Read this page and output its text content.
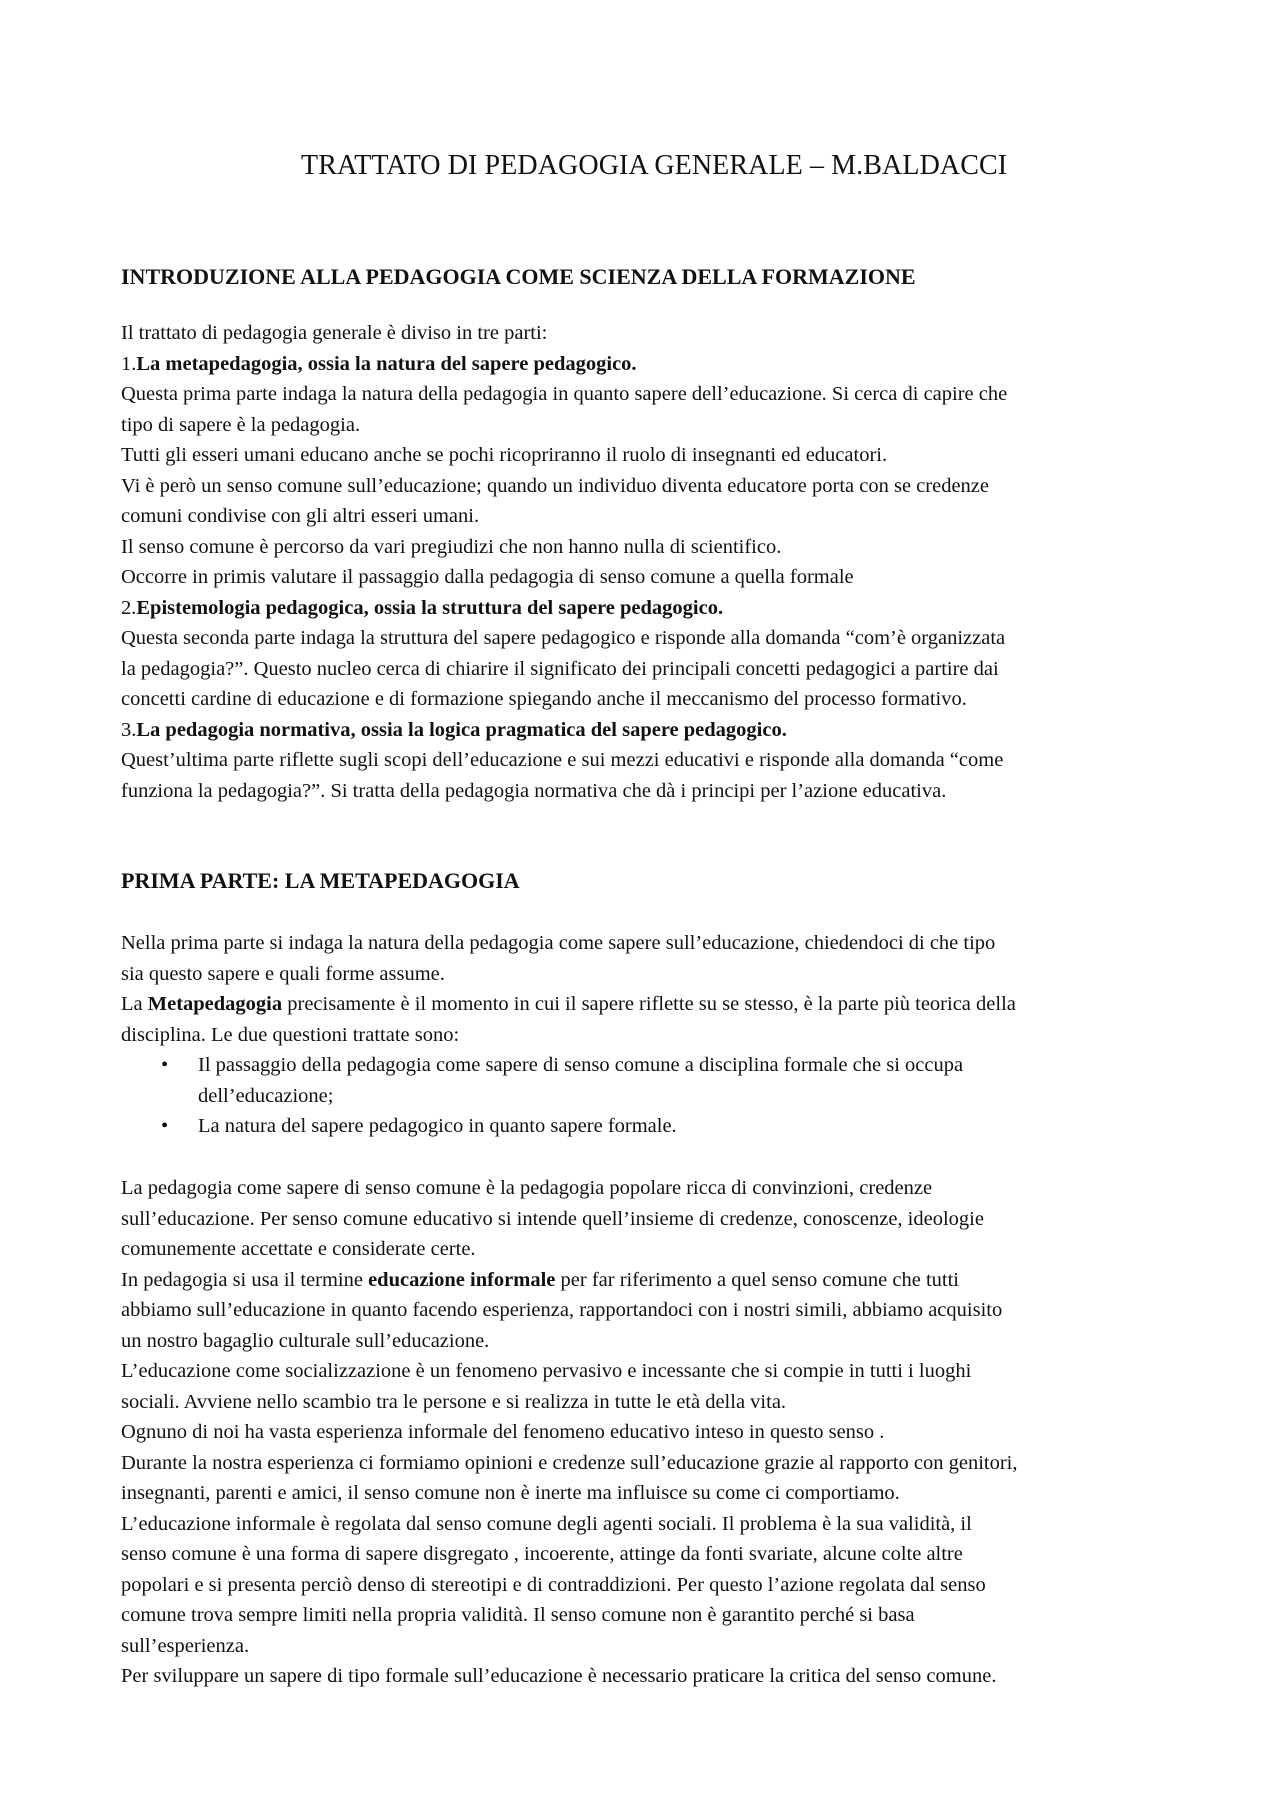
TRATTATO DI PEDAGOGIA GENERALE – M.BALDACCI
INTRODUZIONE ALLA PEDAGOGIA COME SCIENZA DELLA FORMAZIONE
Il trattato di pedagogia generale è diviso in tre parti:
1.La metapedagogia, ossia la natura del sapere pedagogico.
Questa prima parte indaga la natura della pedagogia in quanto sapere dell’educazione. Si cerca di capire che
tipo di sapere è la pedagogia.
Tutti gli esseri umani educano anche se pochi ricopriranno il ruolo di insegnanti ed educatori.
Vi è però un senso comune sull’educazione; quando un individuo diventa educatore porta con se credenze
comuni condivise con gli altri esseri umani.
Il senso comune è percorso da vari pregiudizi che non hanno nulla di scientifico.
Occorre in primis valutare il passaggio dalla pedagogia di senso comune a quella formale
2.Epistemologia pedagogica, ossia la struttura del sapere pedagogico.
Questa seconda parte indaga la struttura del sapere pedagogico e risponde alla domanda “com’è organizzata
la pedagogia?”. Questo nucleo cerca di chiarire il significato dei principali concetti pedagogici a partire dai
concetti cardine di educazione e di formazione spiegando anche il meccanismo del processo formativo.
3.La pedagogia normativa, ossia la logica pragmatica del sapere pedagogico.
Quest’ultima parte riflette sugli scopi dell’educazione e sui mezzi educativi e risponde alla domanda “come
funziona la pedagogia?”. Si tratta della pedagogia normativa che dà i principi per l’azione educativa.
PRIMA PARTE: LA METAPEDAGOGIA
Nella prima parte si indaga la natura della pedagogia come sapere sull’educazione, chiedendoci di che tipo
sia questo sapere e quali forme assume.
La Metapedagogia precisamente è il momento in cui il sapere riflette su se stesso, è la parte più teorica della
disciplina. Le due questioni trattate sono:
• Il passaggio della pedagogia come sapere di senso comune a disciplina formale che si occupa
dell’educazione;
• La natura del sapere pedagogico in quanto sapere formale.
La pedagogia come sapere di senso comune è la pedagogia popolare ricca di convinzioni, credenze
sull’educazione. Per senso comune educativo si intende quell’insieme di credenze, conoscenze, ideologie
comunemente accettate e considerate certe.
In pedagogia si usa il termine educazione informale per far riferimento a quel senso comune che tutti
abbiamo sull’educazione in quanto facendo esperienza, rapportandoci con i nostri simili, abbiamo acquisito
un nostro bagaglio culturale sull’educazione.
L’educazione come socializzazione è un fenomeno pervasivo e incessante che si compie in tutti i luoghi
sociali. Avviene nello scambio tra le persone e si realizza in tutte le età della vita.
Ognuno di noi ha vasta esperienza informale del fenomeno educativo inteso in questo senso .
Durante la nostra esperienza ci formiamo opinioni e credenze sull’educazione grazie al rapporto con genitori,
insegnanti, parenti e amici, il senso comune non è inerte ma influisce su come ci comportiamo.
L’educazione informale è regolata dal senso comune degli agenti sociali. Il problema è la sua validità, il
senso comune è una forma di sapere disgregato , incoerente, attinge da fonti svariate, alcune colte altre
popolari e si presenta perciò denso di stereotipi e di contraddizioni. Per questo l’azione regolata dal senso
comune trova sempre limiti nella propria validità. Il senso comune non è garantito perché si basa
sull’esperienza.
Per sviluppare un sapere di tipo formale sull’educazione è necessario praticare la critica del senso comune.
